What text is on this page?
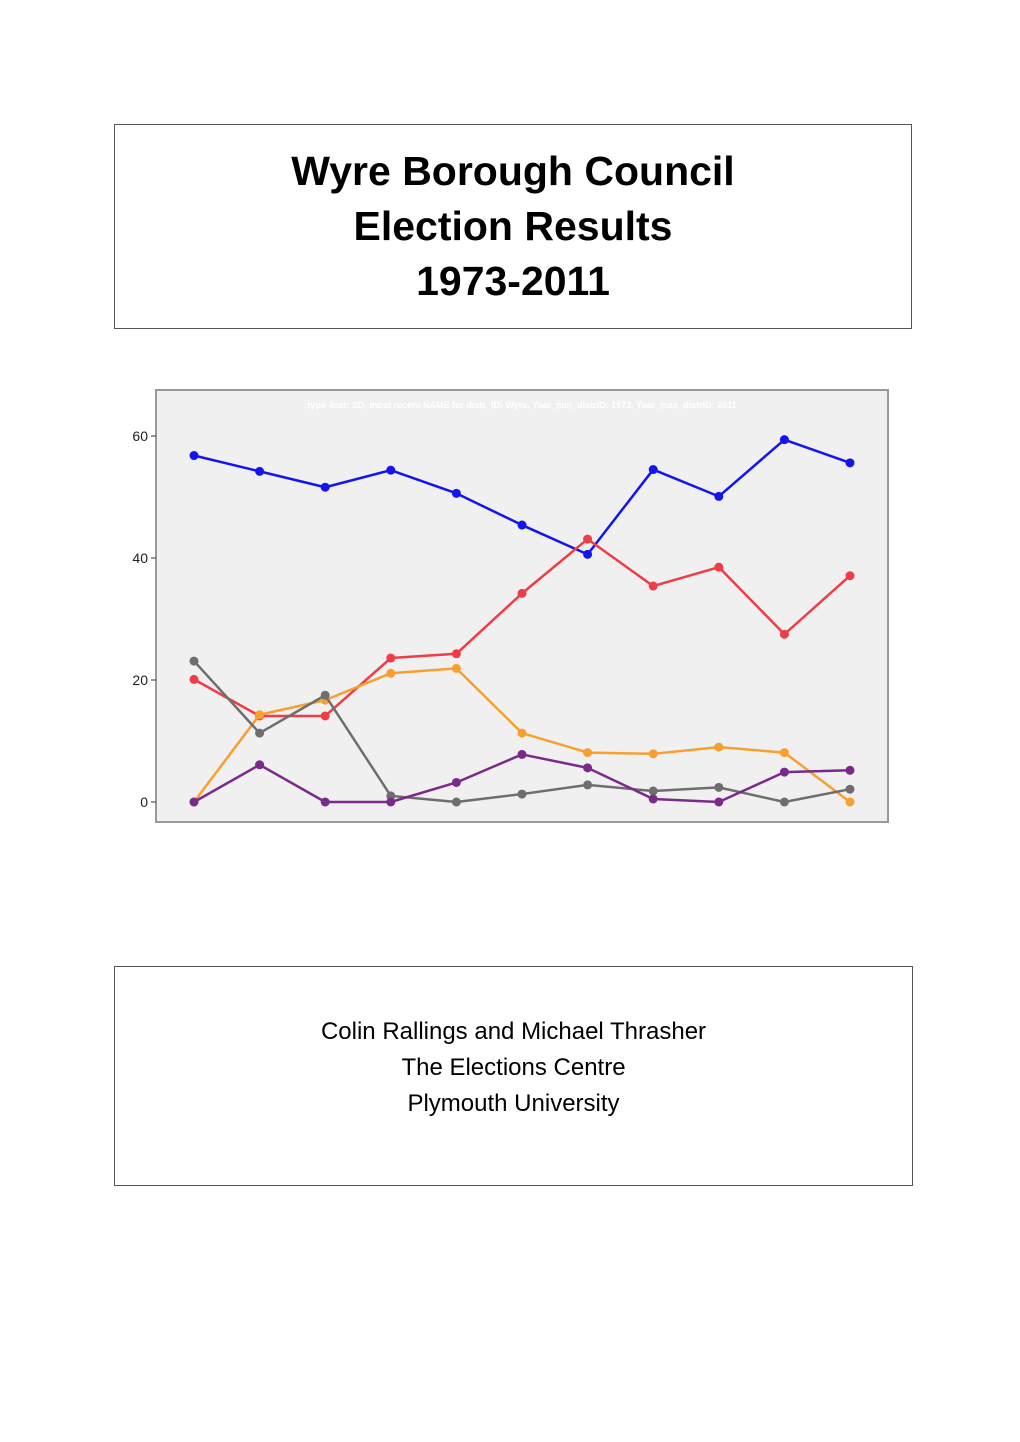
Wyre Borough Council
Election Results
1973-2011
type 4cat: SD, most recent NAME for distr_ID: Wyre, Year_min_distrID: 1973, Year_max_distrID: 2011
0
20
40
60
Colin Rallings and Michael Thrasher
The Elections Centre
Plymouth University
